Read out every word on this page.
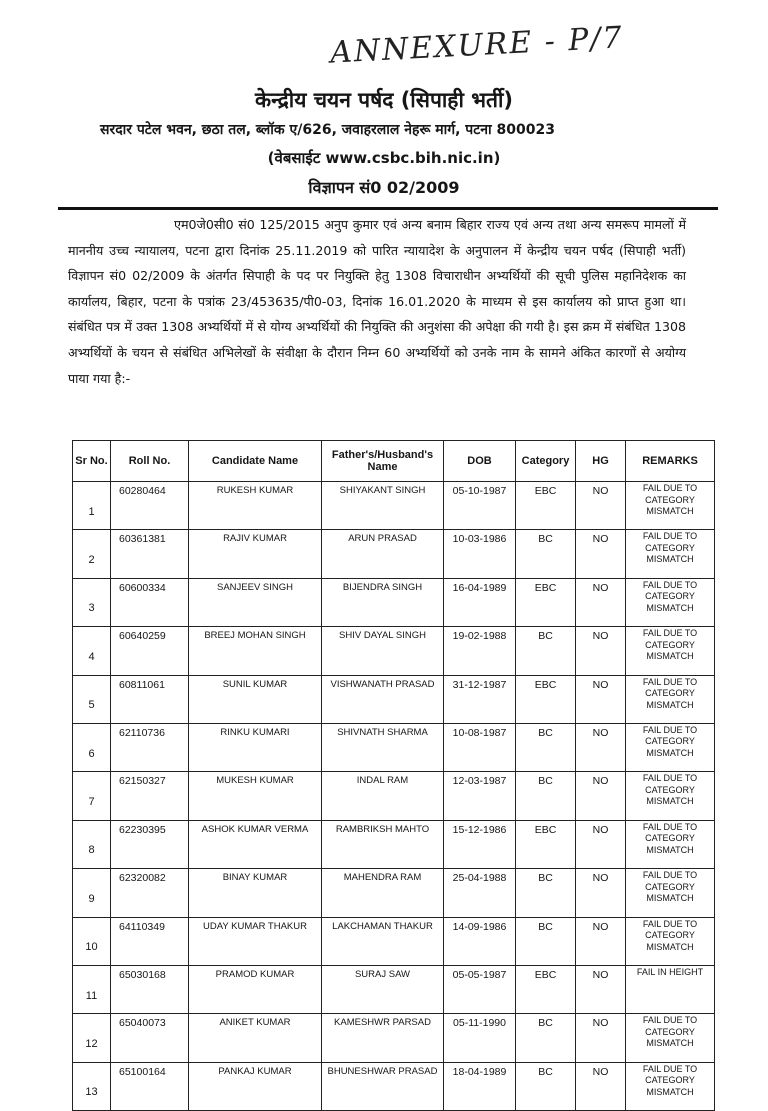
ANNEXURE - P/7
केन्द्रीय चयन पर्षद (सिपाही भर्ती)
सरदार पटेल भवन, छठा तल, ब्लॉक ए/626, जवाहरलाल नेहरू मार्ग, पटना 800023
(वेबसाईट www.csbc.bih.nic.in)
विज्ञापन सं0 02/2009
एम0जे0सी0 सं0 125/2015 अनुप कुमार एवं अन्य बनाम बिहार राज्य एवं अन्य तथा अन्य समरूप मामलों में माननीय उच्च न्यायालय, पटना द्वारा दिनांक 25.11.2019 को पारित न्यायादेश के अनुपालन में केन्द्रीय चयन पर्षद (सिपाही भर्ती) विज्ञापन सं0 02/2009 के अंतर्गत सिपाही के पद पर नियुक्ति हेतु 1308 विचाराधीन अभ्यर्थियों की सूची पुलिस महानिदेशक का कार्यालय, बिहार, पटना के पत्रांक 23/453635/पी0-03, दिनांक 16.01.2020 के माध्यम से इस कार्यालय को प्राप्त हुआ था। संबंधित पत्र में उक्त 1308 अभ्यर्थियों में से योग्य अभ्यर्थियों की नियुक्ति की अनुशंसा की अपेक्षा की गयी है। इस क्रम में संबंधित 1308 अभ्यर्थियों के चयन से संबंधित अभिलेखों के संवीक्षा के दौरान निम्न 60 अभ्यर्थियों को उनके नाम के सामने अंकित कारणों से अयोग्य पाया गया है:-
Sr No.	Roll No.	Candidate Name	Father's/Husband's Name	DOB	Category	HG	REMARKS
1	60280464	RUKESH KUMAR	SHIYAKANT SINGH	05-10-1987	EBC	NO	FAIL DUE TO CATEGORY MISMATCH
2	60361381	RAJIV KUMAR	ARUN PRASAD	10-03-1986	BC	NO	FAIL DUE TO CATEGORY MISMATCH
3	60600334	SANJEEV SINGH	BIJENDRA SINGH	16-04-1989	EBC	NO	FAIL DUE TO CATEGORY MISMATCH
4	60640259	BREEJ MOHAN SINGH	SHIV DAYAL SINGH	19-02-1988	BC	NO	FAIL DUE TO CATEGORY MISMATCH
5	60811061	SUNIL KUMAR	VISHWANATH PRASAD	31-12-1987	EBC	NO	FAIL DUE TO CATEGORY MISMATCH
6	62110736	RINKU KUMARI	SHIVNATH SHARMA	10-08-1987	BC	NO	FAIL DUE TO CATEGORY MISMATCH
7	62150327	MUKESH KUMAR	INDAL RAM	12-03-1987	BC	NO	FAIL DUE TO CATEGORY MISMATCH
8	62230395	ASHOK KUMAR VERMA	RAMBRIKSH MAHTO	15-12-1986	EBC	NO	FAIL DUE TO CATEGORY MISMATCH
9	62320082	BINAY KUMAR	MAHENDRA RAM	25-04-1988	BC	NO	FAIL DUE TO CATEGORY MISMATCH
10	64110349	UDAY KUMAR THAKUR	LAKCHAMAN THAKUR	14-09-1986	BC	NO	FAIL DUE TO CATEGORY MISMATCH
11	65030168	PRAMOD KUMAR	SURAJ SAW	05-05-1987	EBC	NO	FAIL IN HEIGHT
12	65040073	ANIKET KUMAR	KAMESHWR PARSAD	05-11-1990	BC	NO	FAIL DUE TO CATEGORY MISMATCH
13	65100164	PANKAJ KUMAR	BHUNESHWAR PRASAD	18-04-1989	BC	NO	FAIL DUE TO CATEGORY MISMATCH
